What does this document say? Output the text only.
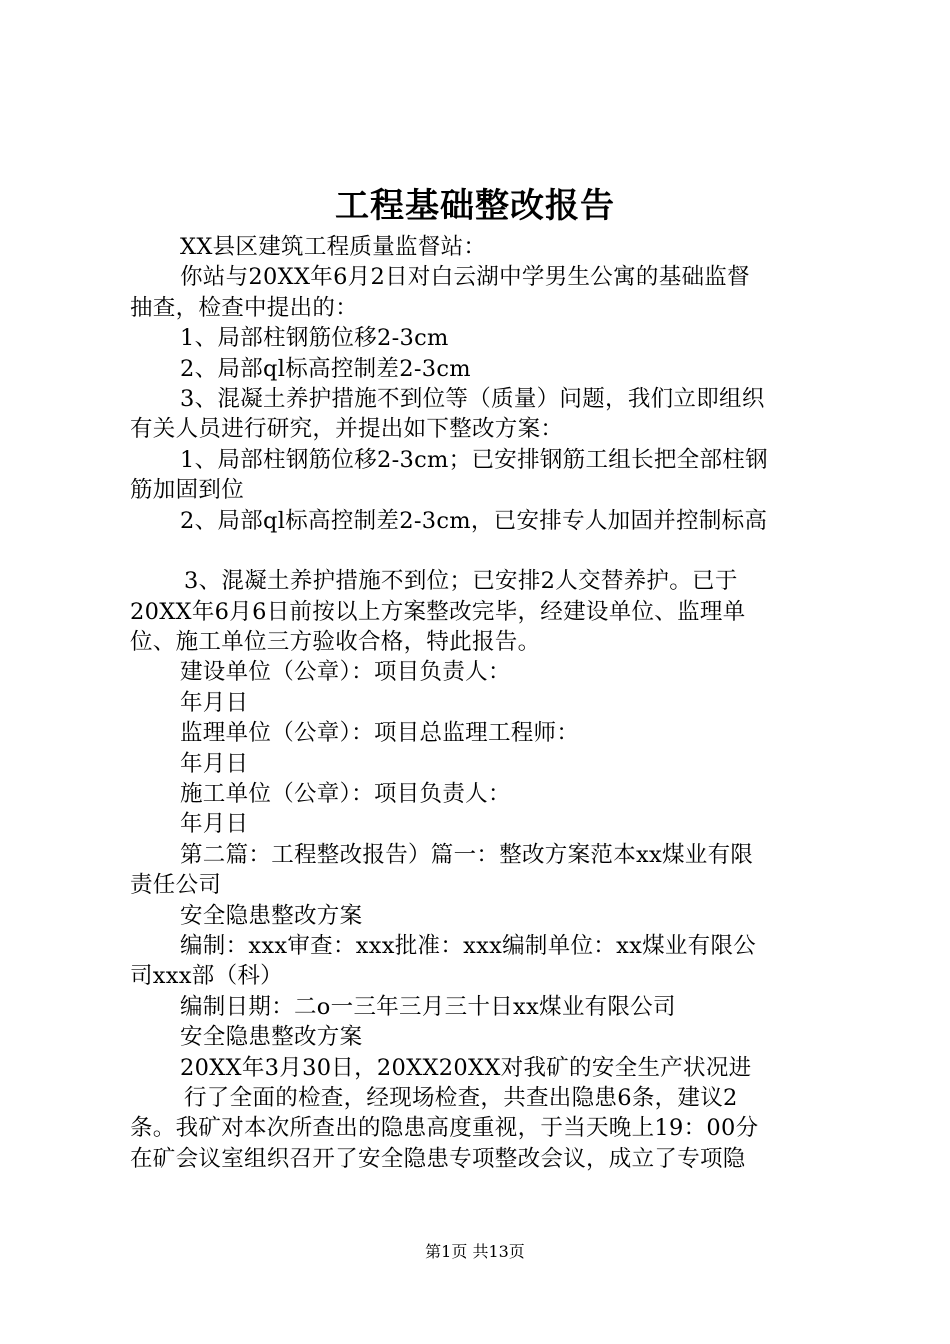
工程基础整改报告
XX县区建筑工程质量监督站：
你站与20XX年6月2日对白云湖中学男生公寓的基础监督
抽查，检查中提出的：
1、局部柱钢筋位移2-3cm
2、局部ql标高控制差2-3cm
3、混凝土养护措施不到位等（质量）问题，我们立即组织
有关人员进行研究，并提出如下整改方案：
1、局部柱钢筋位移2-3cm；已安排钢筋工组长把全部柱钢
筋加固到位
2、局部ql标高控制差2-3cm，已安排专人加固并控制标高
3、混凝土养护措施不到位；已安排2人交替养护。已于
20XX年6月6日前按以上方案整改完毕，经建设单位、监理单
位、施工单位三方验收合格，特此报告。
建设单位（公章）：项目负责人：
年月日
监理单位（公章）：项目总监理工程师：
年月日
施工单位（公章）：项目负责人：
年月日
第二篇：工程整改报告）篇一：整改方案范本xx煤业有限
责任公司
安全隐患整改方案
编制：xxx审查：xxx批准：xxx编制单位：xx煤业有限公
司xxx部（科）
编制日期：二o一三年三月三十日xx煤业有限公司
安全隐患整改方案
20XX年3月30日，20XX20XX对我矿的安全生产状况进
行了全面的检查，经现场检查，共查出隐患6条，建议2
条。我矿对本次所查出的隐患高度重视，于当天晚上19：00分
在矿会议室组织召开了安全隐患专项整改会议，成立了专项隐
第1页 共13页
